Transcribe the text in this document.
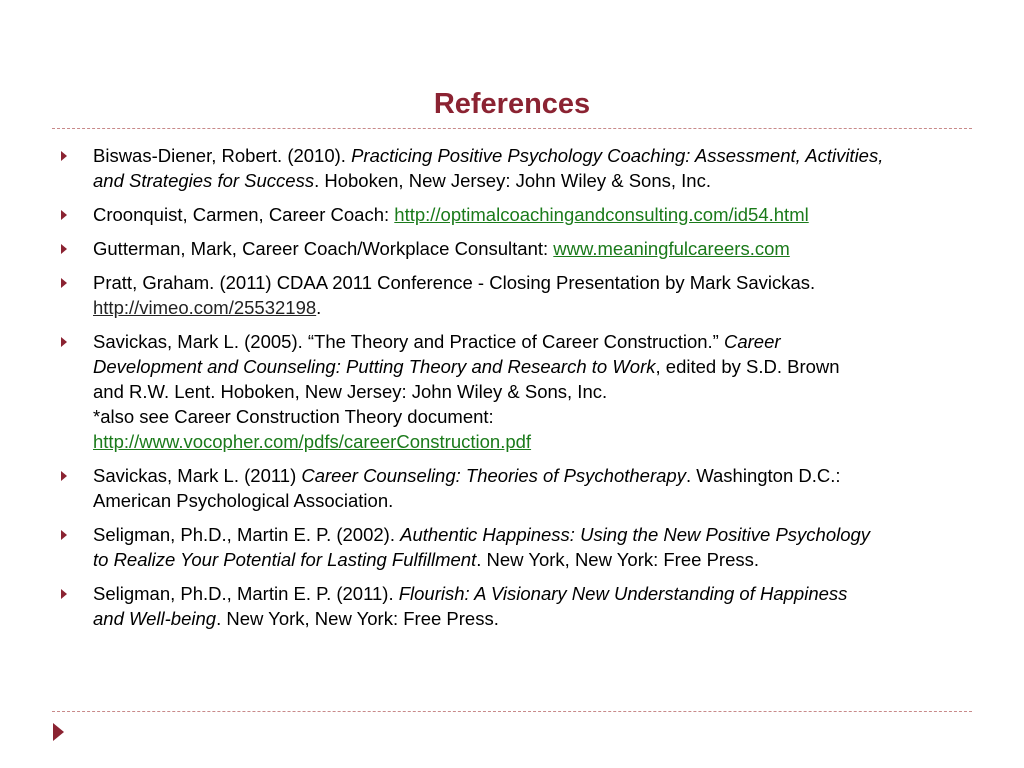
References
Biswas-Diener, Robert. (2010). Practicing Positive Psychology Coaching: Assessment, Activities,
and Strategies for Success. Hoboken, New Jersey: John Wiley & Sons, Inc.
Croonquist, Carmen, Career Coach: http://optimalcoachingandconsulting.com/id54.html
Gutterman, Mark, Career Coach/Workplace Consultant: www.meaningfulcareers.com
Pratt, Graham. (2011) CDAA 2011 Conference - Closing Presentation by Mark Savickas.
http://vimeo.com/25532198.
Savickas, Mark L. (2005). “The Theory and Practice of Career Construction.” Career
Development and Counseling: Putting Theory and Research to Work, edited by S.D. Brown
and R.W. Lent. Hoboken, New Jersey: John Wiley & Sons, Inc.
*also see Career Construction Theory document:
http://www.vocopher.com/pdfs/careerConstruction.pdf
Savickas, Mark L. (2011) Career Counseling: Theories of Psychotherapy. Washington D.C.:
American Psychological Association.
Seligman, Ph.D., Martin E. P. (2002). Authentic Happiness: Using the New Positive Psychology
to Realize Your Potential for Lasting Fulfillment. New York, New York: Free Press.
Seligman, Ph.D., Martin E. P. (2011). Flourish: A Visionary New Understanding of Happiness
and Well-being. New York, New York: Free Press.
